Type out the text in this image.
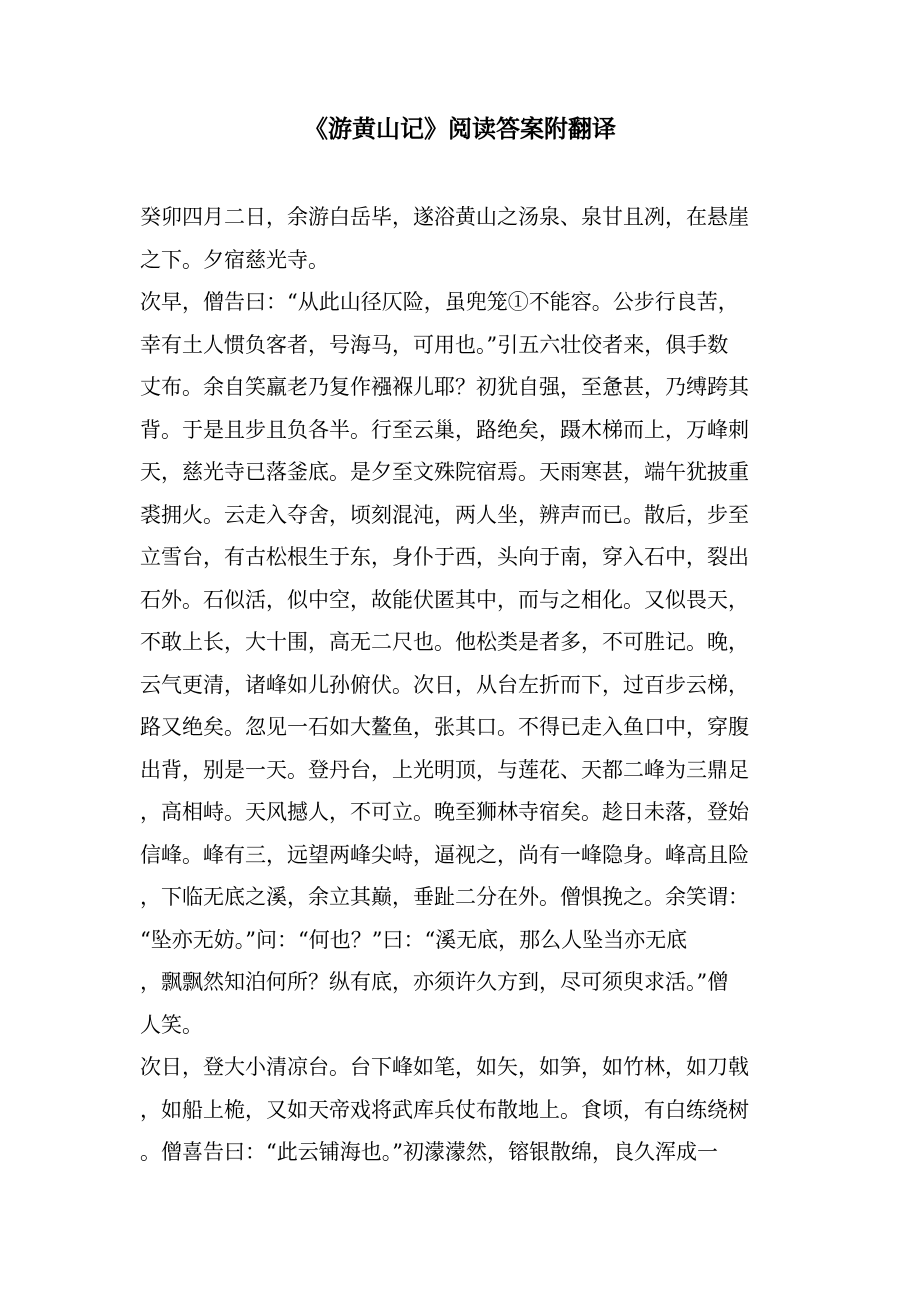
《游黄山记》阅读答案附翻译
癸卯四月二日，余游白岳毕，遂浴黄山之汤泉、泉甘且冽，在悬崖
之下。夕宿慈光寺。
次早，僧告曰：“从此山径仄险，虽兜笼①不能容。公步行良苦，
幸有土人惯负客者，号海马，可用也。”引五六壮佼者来，俱手数
丈布。余自笑羸老乃复作襁褓儿耶？初犹自强，至惫甚，乃缚跨其
背。于是且步且负各半。行至云巢，路绝矣，蹑木梯而上，万峰刺
天，慈光寺已落釜底。是夕至文殊院宿焉。天雨寒甚，端午犹披重
裘拥火。云走入夺舍，顷刻混沌，两人坐，辨声而已。散后，步至
立雪台，有古松根生于东，身仆于西，头向于南，穿入石中，裂出
石外。石似活，似中空，故能伏匿其中，而与之相化。又似畏天，
不敢上长，大十围，高无二尺也。他松类是者多，不可胜记。晚，
云气更清，诸峰如儿孙俯伏。次日，从台左折而下，过百步云梯，
路又绝矣。忽见一石如大鳌鱼，张其口。不得已走入鱼口中，穿腹
出背，别是一天。登丹台，上光明顶，与莲花、天都二峰为三鼎足
，高相峙。天风撼人，不可立。晚至狮林寺宿矣。趁日未落，登始
信峰。峰有三，远望两峰尖峙，逼视之，尚有一峰隐身。峰高且险
，下临无底之溪，余立其巅，垂趾二分在外。僧惧挽之。余笑谓：
“坠亦无妨。”问：“何也？”曰：“溪无底，那么人坠当亦无底
，飘飘然知泊何所？纵有底，亦须许久方到，尽可须臾求活。”僧
人笑。
次日，登大小清凉台。台下峰如笔，如矢，如笋，如竹林，如刀戟
，如船上桅，又如天帝戏将武库兵仗布散地上。食顷，有白练绕树
。僧喜告曰：“此云铺海也。”初濛濛然，镕银散绵，良久浑成一
